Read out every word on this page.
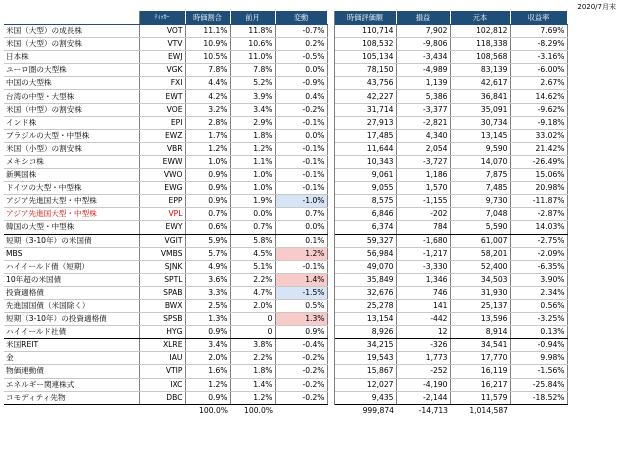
2020/7月末
	ﾃｨｯｶｰ	時価割合	前月	変動		時価評価額	損益	元本	収益率
米国（大型）の成長株	VOT	11.1%	11.8%	-0.7%		110,714	7,902	102,812	7.69%
米国（大型）の割安株	VTV	10.9%	10.6%	0.2%		108,532	-9,806	118,338	-8.29%
日本株	EWJ	10.5%	11.0%	-0.5%		105,134	-3,434	108,568	-3.16%
ユーロ圏の大型株	VGK	7.8%	7.8%	0.0%		78,150	-4,989	83,139	-6.00%
中国の大型株	FXI	4.4%	5.2%	-0.9%		43,756	1,139	42,617	2.67%
台湾の中型・大型株	EWT	4.2%	3.9%	0.4%		42,227	5,386	36,841	14.62%
米国（中型）の割安株	VOE	3.2%	3.4%	-0.2%		31,714	-3,377	35,091	-9.62%
インド株	EPI	2.8%	2.9%	-0.1%		27,913	-2,821	30,734	-9.18%
ブラジルの大型・中型株	EWZ	1.7%	1.8%	0.0%		17,485	4,340	13,145	33.02%
米国（小型）の割安株	VBR	1.2%	1.2%	-0.1%		11,644	2,054	9,590	21.42%
メキシコ株	EWW	1.0%	1.1%	-0.1%		10,343	-3,727	14,070	-26.49%
新興国株	VWO	0.9%	1.0%	-0.1%		9,061	1,186	7,875	15.06%
ドイツの大型・中型株	EWG	0.9%	1.0%	-0.1%		9,055	1,570	7,485	20.98%
アジア先進国大型・中型株	EPP	0.9%	1.9%	-1.0%		8,575	-1,155	9,730	-11.87%
アジア先進国大型・中型株	VPL	0.7%	0.0%	0.7%		6,846	-202	7,048	-2.87%
韓国の大型・中型株	EWY	0.6%	0.7%	0.0%		6,374	784	5,590	14.03%
短期（3-10年）の米国債	VGIT	5.9%	5.8%	0.1%		59,327	-1,680	61,007	-2.75%
MBS	VMBS	5.7%	4.5%	1.2%		56,984	-1,217	58,201	-2.09%
ハイイールド債（短期）	SJNK	4.9%	5.1%	-0.1%		49,070	-3,330	52,400	-6.35%
10年超の米国債	SPTL	3.6%	2.2%	1.4%		35,849	1,346	34,503	3.90%
投資適格債	SPAB	3.3%	4.7%	-1.5%		32,676	746	31,930	2.34%
先進国国債（米国除く）	BWX	2.5%	2.0%	0.5%		25,278	141	25,137	0.56%
短期（3-10年）の投資適格債	SPSB	1.3%	0	1.3%		13,154	-442	13,596	-3.25%
ハイイールド社債	HYG	0.9%	0	0.9%		8,926	12	8,914	0.13%
米国REIT	XLRE	3.4%	3.8%	-0.4%		34,215	-326	34,541	-0.94%
金	IAU	2.0%	2.2%	-0.2%		19,543	1,773	17,770	9.98%
物価連動債	VTIP	1.6%	1.8%	-0.2%		15,867	-252	16,119	-1.56%
エネルギー関連株式	IXC	1.2%	1.4%	-0.2%		12,027	-4,190	16,217	-25.84%
コモディティ先物	DBC	0.9%	1.2%	-0.2%		9,435	-2,144	11,579	-18.52%
		100.0%	100.0%			999,874	-14,713	1,014,587	
